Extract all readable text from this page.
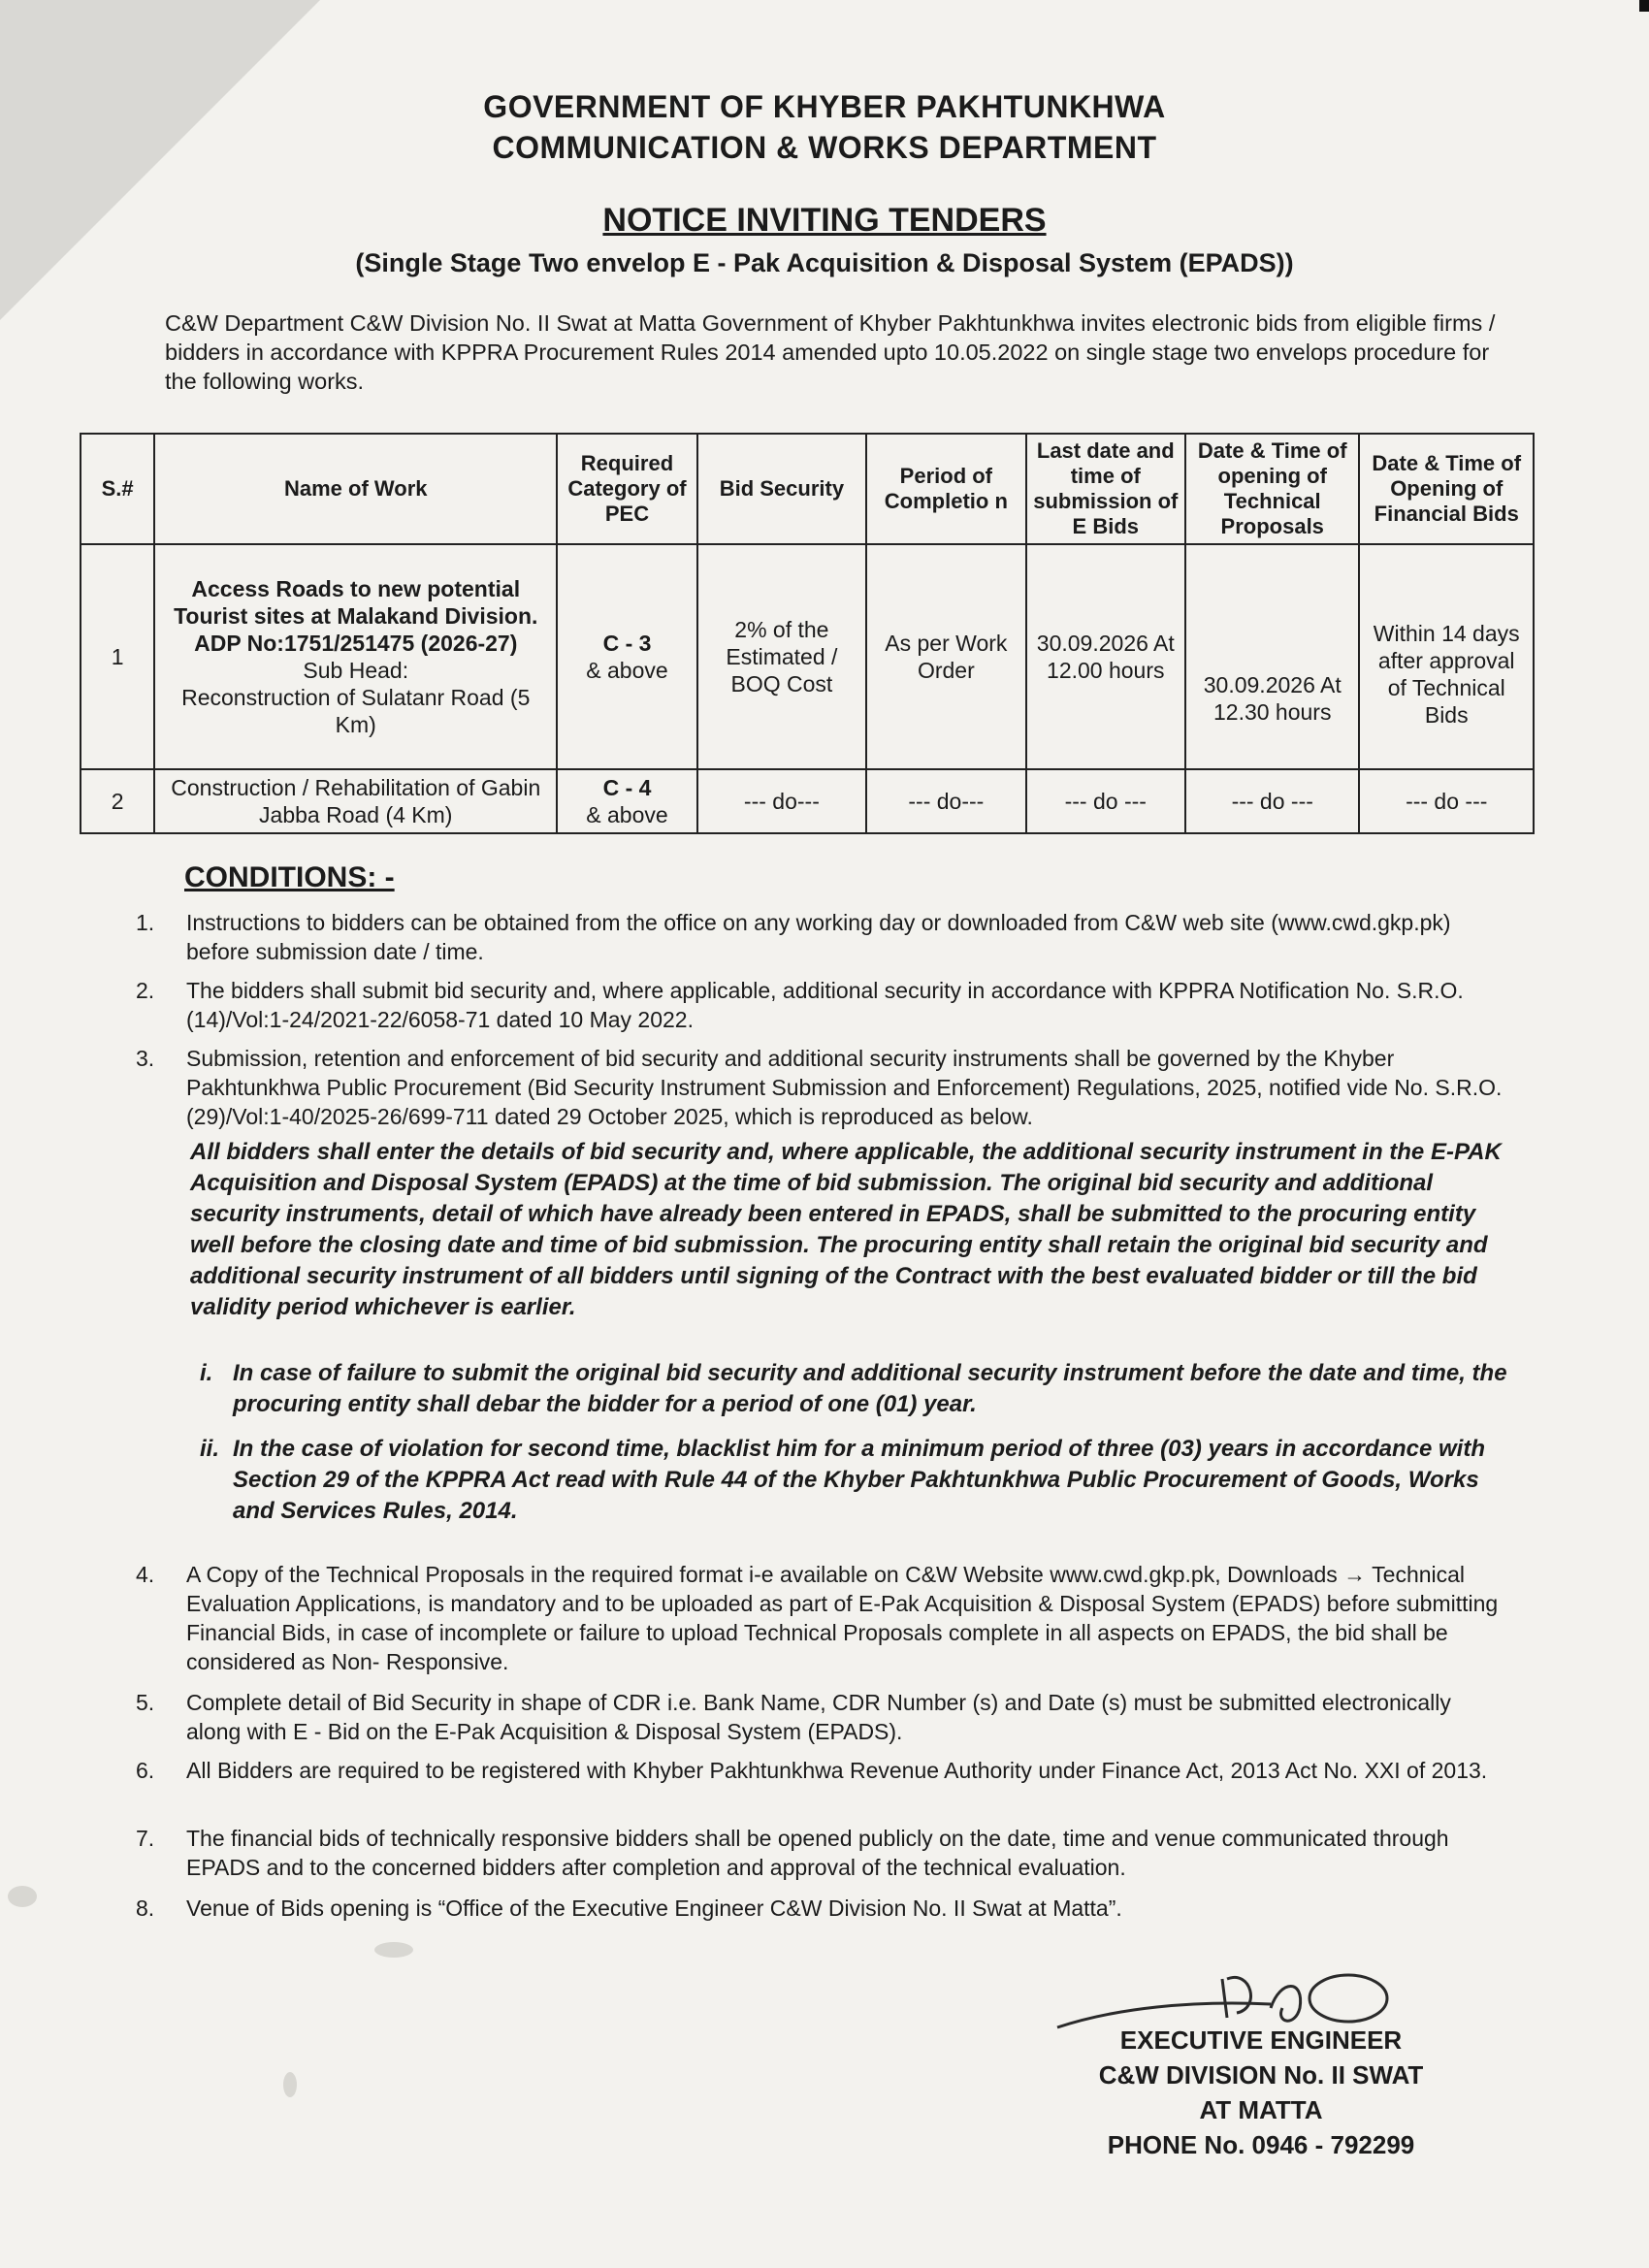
GOVERNMENT OF KHYBER PAKHTUNKHWA
COMMUNICATION & WORKS DEPARTMENT
NOTICE INVITING TENDERS
(Single Stage Two envelop E - Pak Acquisition & Disposal System (EPADS))

C&W Department C&W Division No. II Swat at Matta Government of Khyber Pakhtunkhwa invites electronic bids from eligible firms / bidders in accordance with KPPRA Procurement Rules 2014 amended upto 10.05.2022 on single stage two envelops procedure for the following works.

S.#	Name of Work	Required Category of PEC	Bid Security	Period of Completio n	Last date and time of submission of E Bids	Date & Time of opening of Technical Proposals	Date & Time of Opening of Financial Bids
1	Access Roads to new potential Tourist sites at Malakand Division.
ADP No:1751/251475 (2026-27)
Sub Head:
Reconstruction of Sulatanr Road (5 Km)	C - 3
& above	2% of the Estimated / BOQ Cost	As per Work Order	30.09.2026 At 12.00 hours	30.09.2026 At 12.30 hours	Within 14 days after approval of Technical Bids
2	Construction / Rehabilitation of Gabin Jabba Road (4 Km)	C - 4
& above	--- do---	--- do---	--- do ---	--- do ---	--- do ---
CONDITIONS: -
1.	Instructions to bidders can be obtained from the office on any working day or downloaded from C&W web site (www.cwd.gkp.pk) before submission date / time.
2.	The bidders shall submit bid security and, where applicable, additional security in accordance with KPPRA Notification No. S.R.O. (14)/Vol:1-24/2021-22/6058-71 dated 10 May 2022.
3.	Submission, retention and enforcement of bid security and additional security instruments shall be governed by the Khyber Pakhtunkhwa Public Procurement (Bid Security Instrument Submission and Enforcement) Regulations, 2025, notified vide No. S.R.O. (29)/Vol:1-40/2025-26/699-711 dated 29 October 2025, which is reproduced as below.

All bidders shall enter the details of bid security and, where applicable, the additional security instrument in the E-PAK Acquisition and Disposal System (EPADS) at the time of bid submission. The original bid security and additional security instruments, detail of which have already been entered in EPADS, shall be submitted to the procuring entity well before the closing date and time of bid submission. The procuring entity shall retain the original bid security and additional security instrument of all bidders until signing of the Contract with the best evaluated bidder or till the bid validity period whichever is earlier.

i. In case of failure to submit the original bid security and additional security instrument before the date and time, the procuring entity shall debar the bidder for a period of one (01) year.
ii. In the case of violation for second time, blacklist him for a minimum period of three (03) years in accordance with Section 29 of the KPPRA Act read with Rule 44 of the Khyber Pakhtunkhwa Public Procurement of Goods, Works and Services Rules, 2014.
4.	A Copy of the Technical Proposals in the required format i-e available on C&W Website www.cwd.gkp.pk, Downloads → Technical Evaluation Applications, is mandatory and to be uploaded as part of E-Pak Acquisition & Disposal System (EPADS) before submitting Financial Bids, in case of incomplete or failure to upload Technical Proposals complete in all aspects on EPADS, the bid shall be considered as Non- Responsive.
5.	Complete detail of Bid Security in shape of CDR i.e. Bank Name, CDR Number (s) and Date (s) must be submitted electronically along with E - Bid on the E-Pak Acquisition & Disposal System (EPADS).
6.	All Bidders are required to be registered with Khyber Pakhtunkhwa Revenue Authority under Finance Act, 2013 Act No. XXI of 2013.
7.	The financial bids of technically responsive bidders shall be opened publicly on the date, time and venue communicated through EPADS and to the concerned bidders after completion and approval of the technical evaluation.
8.	Venue of Bids opening is “Office of the Executive Engineer C&W Division No. II Swat at Matta”.
EXECUTIVE ENGINEER
C&W DIVISION No. II SWAT
AT MATTA
PHONE No. 0946 - 792299
